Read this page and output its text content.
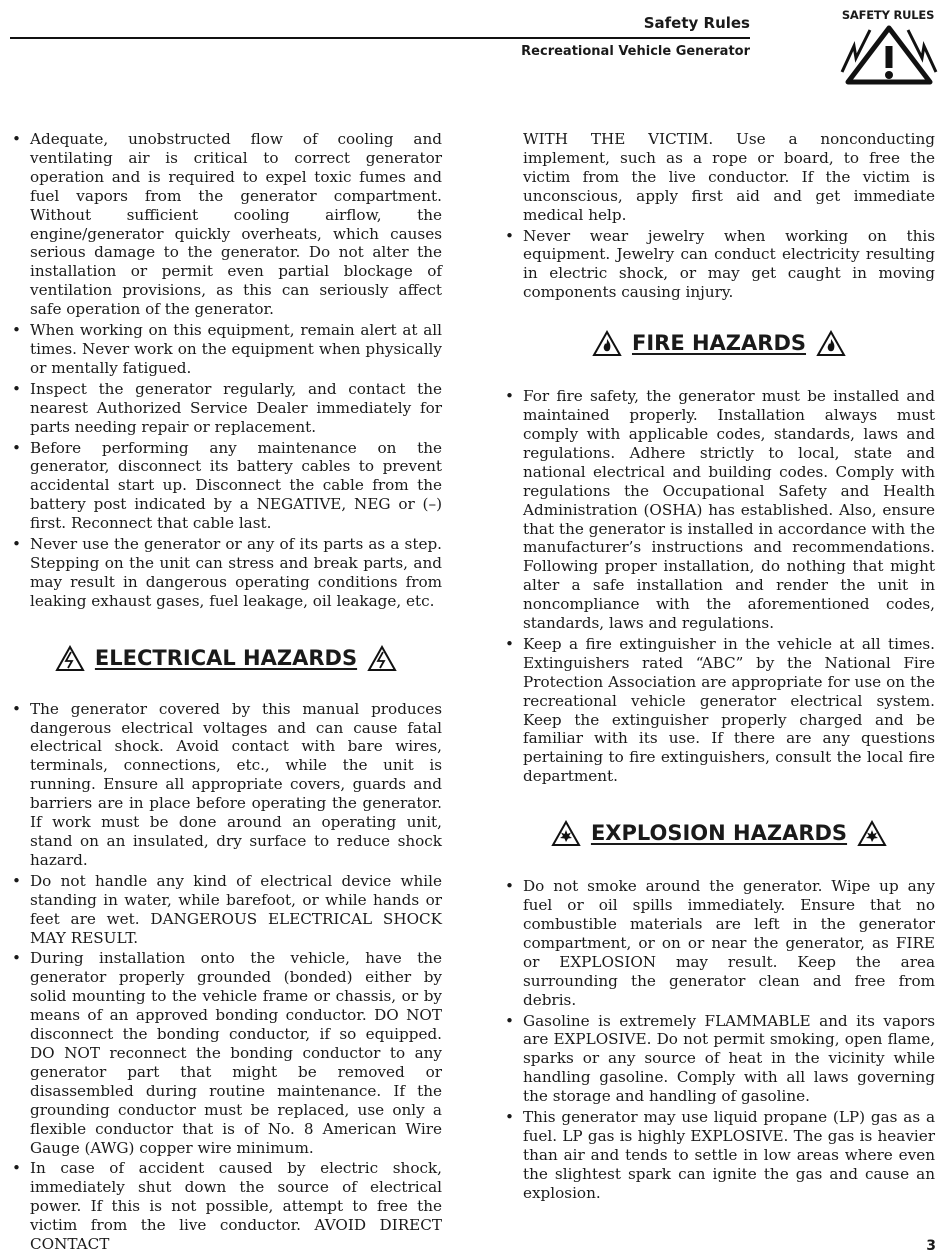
Safety Rules
Recreational Vehicle Generator
SAFETY RULES
• Adequate, unobstructed flow of cooling and ventilating air is critical to correct generator operation and is required to expel toxic fumes and fuel vapors from the generator compartment. Without sufficient cooling airflow, the engine/generator quickly overheats, which causes serious damage to the generator. Do not alter the installation or permit even partial blockage of ventilation provisions, as this can seriously affect safe operation of the generator.
• When working on this equipment, remain alert at all times. Never work on the equipment when physically or mentally fatigued.
• Inspect the generator regularly, and contact the nearest Authorized Service Dealer immediately for parts needing repair or replacement.
• Before performing any maintenance on the generator, disconnect its battery cables to prevent accidental start up. Disconnect the cable from the battery post indicated by a NEGATIVE, NEG or (–) first. Reconnect that cable last.
• Never use the generator or any of its parts as a step. Stepping on the unit can stress and break parts, and may result in dangerous operating conditions from leaking exhaust gases, fuel leakage, oil leakage, etc.
ELECTRICAL HAZARDS
• The generator covered by this manual produces dangerous electrical voltages and can cause fatal electrical shock. Avoid contact with bare wires, terminals, connections, etc., while the unit is running. Ensure all appropriate covers, guards and barriers are in place before operating the generator. If work must be done around an operating unit, stand on an insulated, dry surface to reduce shock hazard.
• Do not handle any kind of electrical device while standing in water, while barefoot, or while hands or feet are wet. DANGEROUS ELECTRICAL SHOCK MAY RESULT.
• During installation onto the vehicle, have the generator properly grounded (bonded) either by solid mounting to the vehicle frame or chassis, or by means of an approved bonding conductor. DO NOT disconnect the bonding conductor, if so equipped. DO NOT reconnect the bonding conductor to any generator part that might be removed or disassembled during routine maintenance. If the grounding conductor must be replaced, use only a flexible conductor that is of No. 8 American Wire Gauge (AWG) copper wire minimum.
• In case of accident caused by electric shock, immediately shut down the source of electrical power. If this is not possible, attempt to free the victim from the live conductor. AVOID DIRECT CONTACT

WITH THE VICTIM. Use a nonconducting implement, such as a rope or board, to free the victim from the live conductor. If the victim is unconscious, apply first aid and get immediate medical help.

• Never wear jewelry when working on this equipment. Jewelry can conduct electricity resulting in electric shock, or may get caught in moving components causing injury.
FIRE HAZARDS
• For fire safety, the generator must be installed and maintained properly. Installation always must comply with applicable codes, standards, laws and regulations. Adhere strictly to local, state and national electrical and building codes. Comply with regulations the Occupational Safety and Health Administration (OSHA) has established. Also, ensure that the generator is installed in accordance with the manufacturer’s instructions and recommendations. Following proper installation, do nothing that might alter a safe installation and render the unit in noncompliance with the aforementioned codes, standards, laws and regulations.
• Keep a fire extinguisher in the vehicle at all times. Extinguishers rated “ABC” by the National Fire Protection Association are appropriate for use on the recreational vehicle generator electrical system. Keep the extinguisher properly charged and be familiar with its use. If there are any questions pertaining to fire extinguishers, consult the local fire department.
EXPLOSION HAZARDS
• Do not smoke around the generator. Wipe up any fuel or oil spills immediately. Ensure that no combustible materials are left in the generator compartment, or on or near the generator, as FIRE or EXPLOSION may result. Keep the area surrounding the generator clean and free from debris.
• Gasoline is extremely FLAMMABLE and its vapors are EXPLOSIVE. Do not permit smoking, open flame, sparks or any source of heat in the vicinity while handling gasoline. Comply with all laws governing the storage and handling of gasoline.
• This generator may use liquid propane (LP) gas as a fuel. LP gas is highly EXPLOSIVE. The gas is heavier than air and tends to settle in low areas where even the slightest spark can ignite the gas and cause an explosion.
3
